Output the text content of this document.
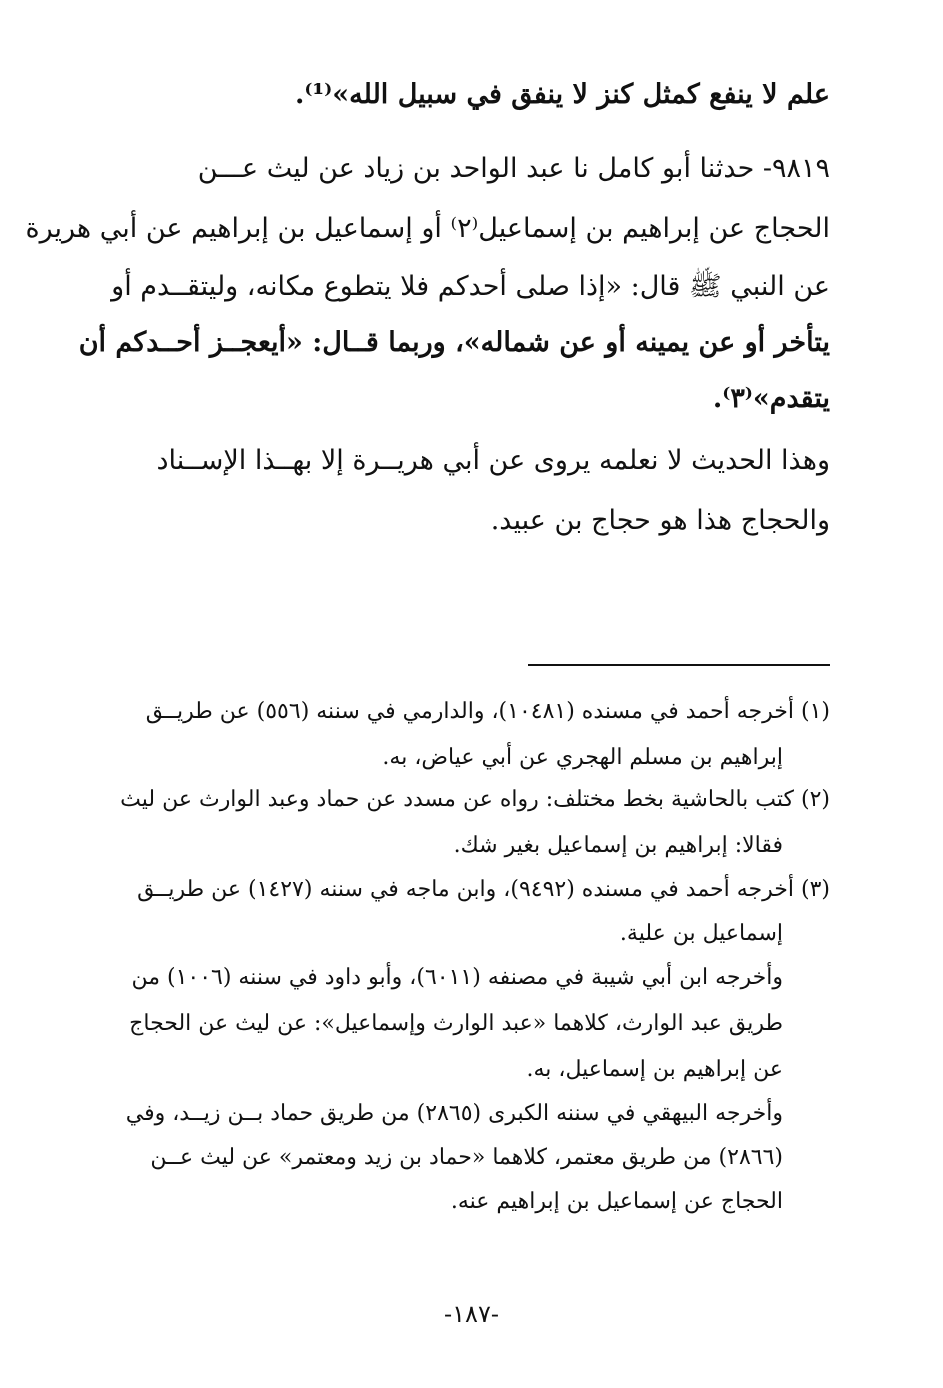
علم لا ينفع كمثل كنز لا ينفق في سبيل الله»⁽¹⁾.
٩٨١٩- حدثنا أبو كامل نا عبد الواحد بن زياد عن ليث عـــن
الحجاج عن إبراهيم بن إسماعيل⁽٢⁾ أو إسماعيل بن إبراهيم عن أبي هريرة
عن النبي ﷺ قال: «إذا صلى أحدكم فلا يتطوع مكانه، وليتقــدم أو
يتأخر أو عن يمينه أو عن شماله»، وربما قــال: «أيعجــز أحــدكم أن
يتقدم»⁽٣⁾.
وهذا الحديث لا نعلمه يروى عن أبي هريــرة إلا بهــذا الإســناد
والحجاج هذا هو حجاج بن عبيد.
(١) أخرجه أحمد في مسنده (١٠٤٨١)، والدارمي في سننه (٥٥٦) عن طريــق
إبراهيم بن مسلم الهجري عن أبي عياض، به.
(٢) كتب بالحاشية بخط مختلف: رواه عن مسدد عن حماد وعبد الوارث عن ليث
فقالا: إبراهيم بن إسماعيل بغير شك.
(٣) أخرجه أحمد في مسنده (٩٤٩٢)، وابن ماجه في سننه (١٤٢٧) عن طريــق
إسماعيل بن علية.
وأخرجه ابن أبي شيبة في مصنفه (٦٠١١)، وأبو داود في سننه (١٠٠٦) من
طريق عبد الوارث، كلاهما «عبد الوارث وإسماعيل»: عن ليث عن الحجاج
عن إبراهيم بن إسماعيل، به.
وأخرجه البيهقي في سننه الكبرى (٢٨٦٥) من طريق حماد بــن زيــد، وفي
(٢٨٦٦) من طريق معتمر، كلاهما «حماد بن زيد ومعتمر» عن ليث عــن
الحجاج عن إسماعيل بن إبراهيم عنه.
-١٨٧-
